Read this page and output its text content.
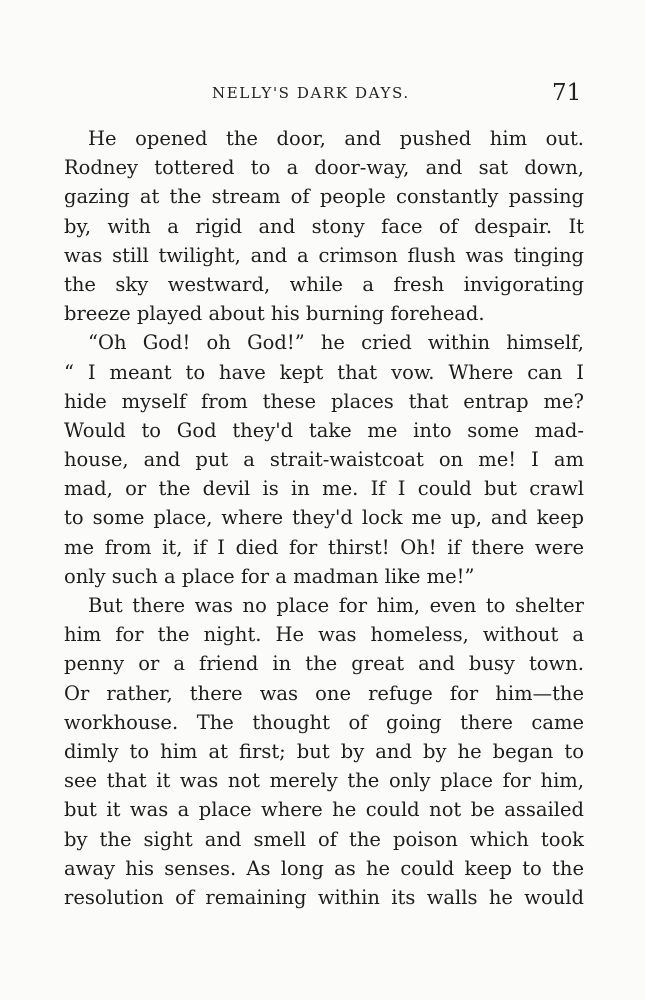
NELLY'S DARK DAYS.	71
He opened the door, and pushed him out.
Rodney tottered to a door-way, and sat down,
gazing at the stream of people constantly passing
by, with a rigid and stony face of despair. It
was still twilight, and a crimson flush was tinging
the sky westward, while a fresh invigorating
breeze played about his burning forehead.
“Oh God! oh God!” he cried within himself,
“ I meant to have kept that vow. Where can I
hide myself from these places that entrap me?
Would to God they'd take me into some mad-
house, and put a strait-waistcoat on me! I am
mad, or the devil is in me. If I could but crawl
to some place, where they'd lock me up, and keep
me from it, if I died for thirst! Oh! if there were
only such a place for a madman like me!”
But there was no place for him, even to shelter
him for the night. He was homeless, without a
penny or a friend in the great and busy town.
Or rather, there was one refuge for him—the
workhouse. The thought of going there came
dimly to him at first; but by and by he began to
see that it was not merely the only place for him,
but it was a place where he could not be assailed
by the sight and smell of the poison which took
away his senses. As long as he could keep to the
resolution of remaining within its walls he would
